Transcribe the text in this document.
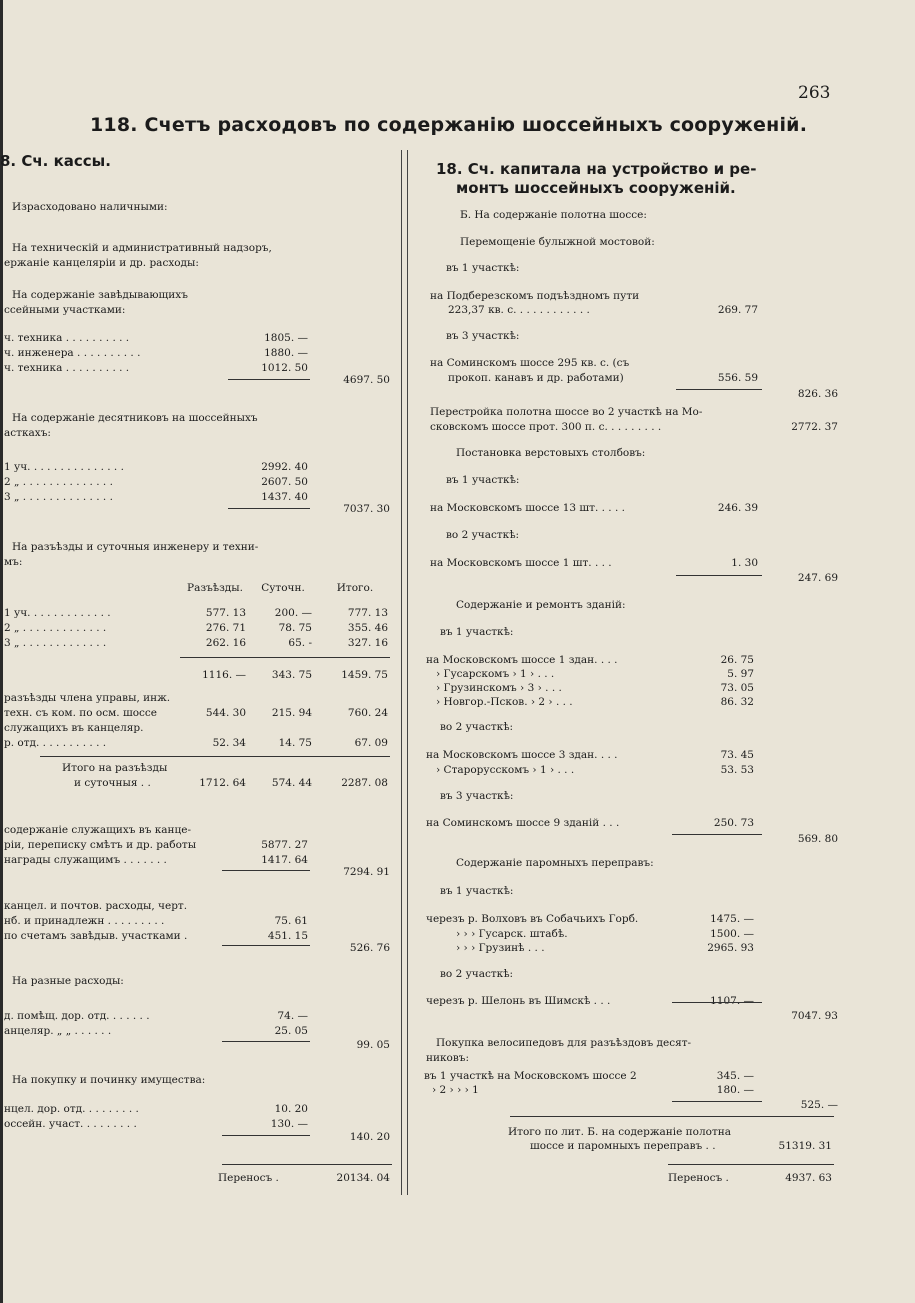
263
118. Счетъ расходовъ по содержанію шоссейныхъ сооруженій.
8. Сч. кассы.
Израсходовано наличными:
На техническій и административный надзоръ,
ержаніе канцеляріи и др. расходы:
На содержаніе завѣдывающихъ
ссейными участками:
ч. техника . . . . . . . . . .	1805. —
ч. инженера . . . . . . . . . .	1880. —
ч. техника . . . . . . . . . .	1012. 50
4697. 50
На содержаніе десятниковъ на шоссейныхъ
асткахъ:
1 уч. . . . . . . . . . . . . . .	2992. 40
2 „ . . . . . . . . . . . . . .	2607. 50
3 „ . . . . . . . . . . . . . .	1437. 40
7037. 30
На разъѣзды и суточныя инженеру и техни-
мъ:
Разъѣзды.	Суточн.	Итого.
1 уч. . . . . . . . . . . . .	577. 13	200. —	777. 13
2 „ . . . . . . . . . . . . .	276. 71	78. 75	355. 46
3 „ . . . . . . . . . . . . .	262. 16	65. -	327. 16
1116. —	343. 75	1459. 75
разъѣзды члена управы, инж.
техн. съ ком. по осм. шоссе	544. 30	215. 94	760. 24
служащихъ въ канцеляр.
р. отд. . . . . . . . . . .	52. 34	14. 75	67. 09
Итого на разъѣзды
и суточныя . .	1712. 64	574. 44	2287. 08
содержаніе служащихъ въ канце-
ріи, перепиcку смѣтъ и др. работы	5877. 27
награды служащимъ . . . . . . .	1417. 64
7294. 91
канцел. и почтов. расходы, черт.
нб. и принадлежн . . . . . . . . .	75. 61
по счетамъ завѣдыв. участками .	451. 15
526. 76
На разные расходы:
д. помѣщ. дор. отд. . . . . . .	74. —
анцеляр. „ „ . . . . . .	25. 05
99. 05
На покупку и починку имущества:
нцел. дор. отд. . . . . . . . .	10. 20
оссейн. участ. . . . . . . . .	130. —
140. 20
Переносъ .	20134. 04
18. Сч. капитала на устройство и ре-
монтъ шоссейныхъ сооруженій.
Б. На содержаніе полотна шоссе:
Перемощеніе булыжной мостовой:
въ 1 участкѣ:
на Подберезскомъ подъѣздномъ пути
223,37 кв. с. . . . . . . . . . . .	269. 77
въ 3 участкѣ:
на Соминскомъ шоссе 295 кв. с. (съ
прокоп. канавъ и др. работами)	556. 59
826. 36
Перестройка полотна шоссе во 2 участкѣ на Мо-
сковскомъ шоссе прот. 300 п. с. . . . . . . . .	2772. 37
Постановка верстовыхъ столбовъ:
въ 1 участкѣ:
на Московскомъ шоссе 13 шт. . . . .	246. 39
во 2 участкѣ:
на Московскомъ шоссе 1 шт. . . .	1. 30
247. 69
Содержаніе и ремонтъ зданій:
въ 1 участкѣ:
на Московскомъ шоссе 1 здан. . . .	26. 75
› Гусарскомъ › 1 › . . .	5. 97
› Грузинскомъ › 3 › . . .	73. 05
› Новгор.-Псков. › 2 › . . .	86. 32
во 2 участкѣ:
на Московскомъ шоссе 3 здан. . . .	73. 45
› Старорусскомъ › 1 › . . .	53. 53
въ 3 участкѣ:
на Соминскомъ шоссе 9 зданій . . .	250. 73
569. 80
Содержаніе паромныхъ переправъ:
въ 1 участкѣ:
черезъ р. Волховъ въ Собачьихъ Горб.	1475. —
› › › Гусарск. штабѣ.	1500. —
› › › Грузинѣ . . .	2965. 93
во 2 участкѣ:
черезъ р. Шелонь въ Шимскѣ . . .	1107. —
7047. 93
Покупка велосипедовъ для разъѣздовъ десят-
никовъ:
въ 1 участкѣ на Московскомъ шоссе 2	345. —
› 2 › › › 1	180. —
525. —
Итого по лит. Б. на содержаніе полотна
шоссе и паромныхъ переправъ . .	51319. 31
Переносъ .	4937. 63
